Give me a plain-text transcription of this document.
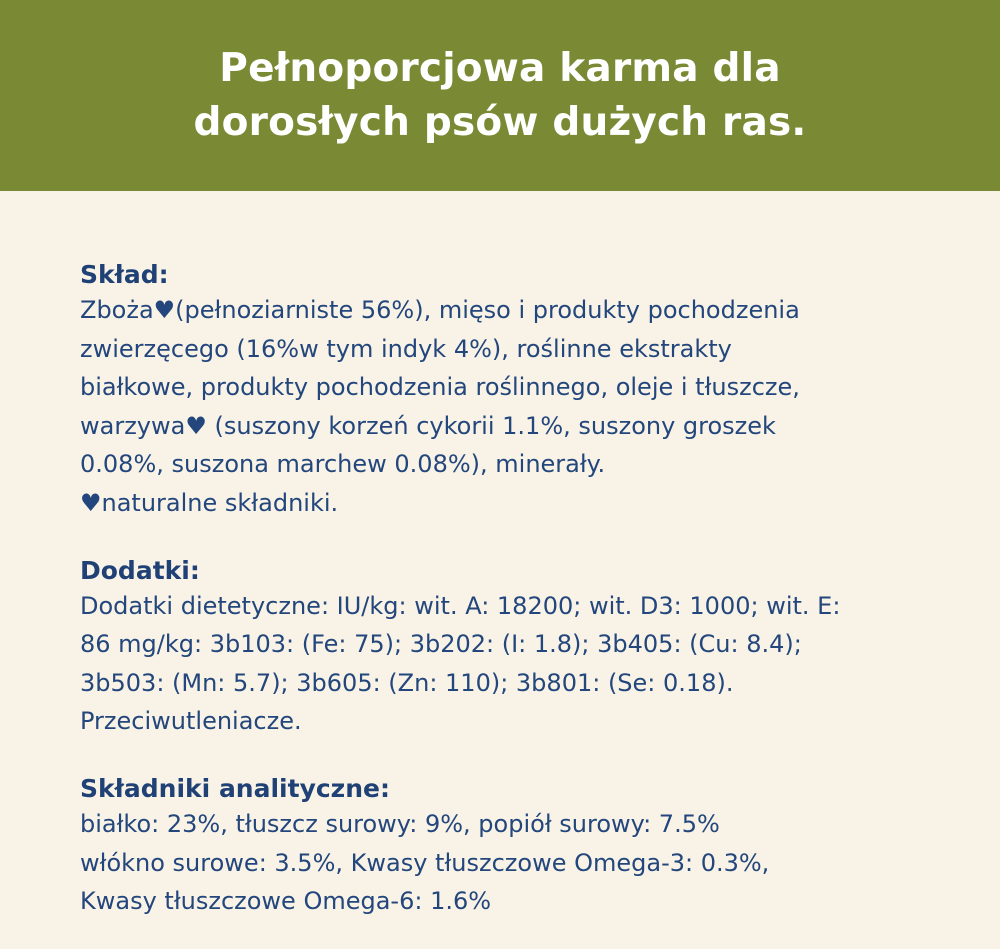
Pełnoporcjowa karma dla
dorosłych psów dużych ras.
Skład:

Zboża♥(pełnoziarniste 56%), mięso i produkty pochodzenia
zwierzęcego (16%w tym indyk 4%), roślinne ekstrakty
białkowe, produkty pochodzenia roślinnego, oleje i tłuszcze,
warzywa♥ (suszony korzeń cykorii 1.1%, suszony groszek
0.08%, suszona marchew 0.08%), minerały.
♥naturalne składniki.

Dodatki:

Dodatki dietetyczne: IU/kg: wit. A: 18200; wit. D3: 1000; wit. E:
86 mg/kg: 3b103: (Fe: 75); 3b202: (I: 1.8); 3b405: (Cu: 8.4);
3b503: (Mn: 5.7); 3b605: (Zn: 110); 3b801: (Se: 0.18).
Przeciwutleniacze.

Składniki analityczne:

białko: 23%, tłuszcz surowy: 9%, popiół surowy: 7.5%
włókno surowe: 3.5%, Kwasy tłuszczowe Omega-3: 0.3%,
Kwasy tłuszczowe Omega-6: 1.6%
